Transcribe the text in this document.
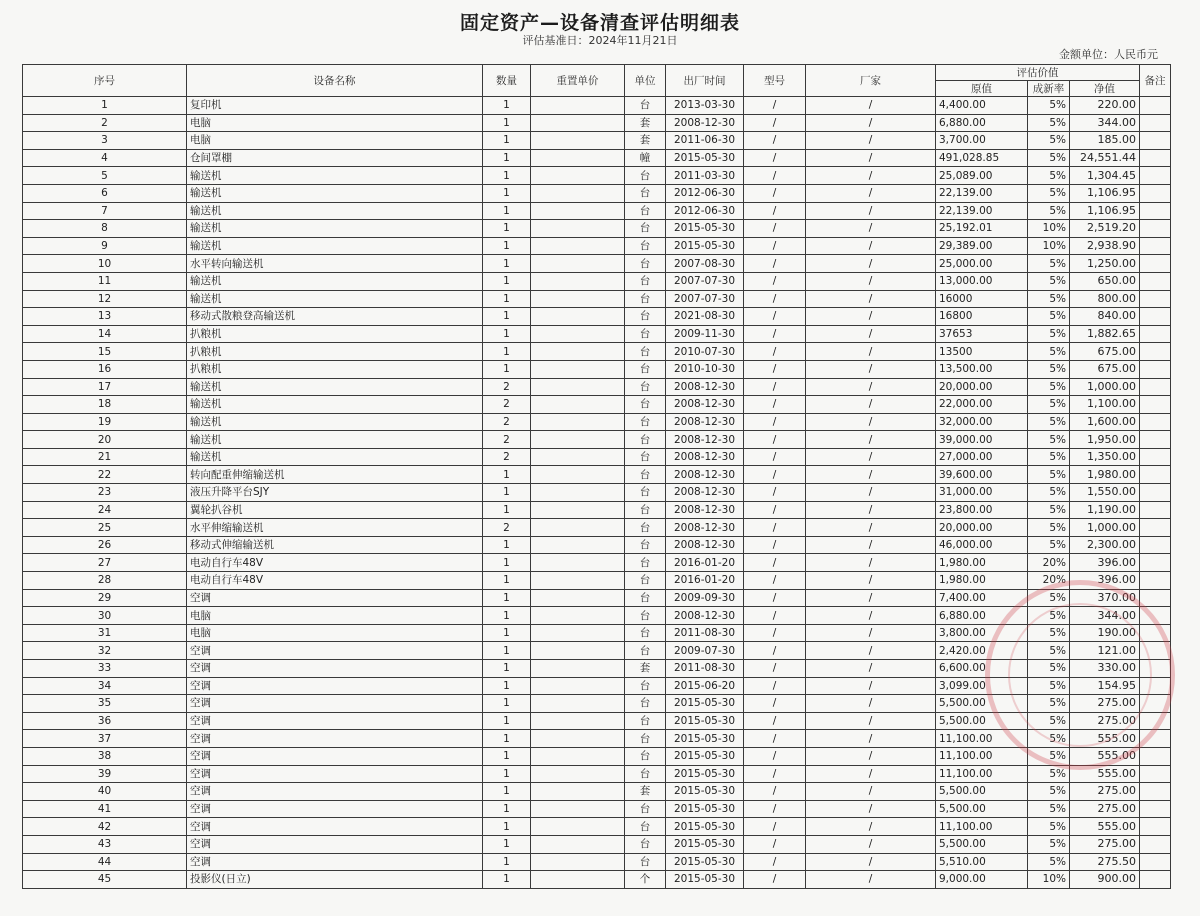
固定资产—设备清查评估明细表
评估基准日：2024年11月21日
金额单位：人民币元
序号	设备名称	数量	重置单价	单位	出厂时间	型号	厂家	评估价值			备注
								原值	成新率	净值	
1	复印机	1		台	2013-03-30	/	/	4,400.00	5%	220.00	
2	电脑	1		套	2008-12-30	/	/	6,880.00	5%	344.00	
3	电脑	1		套	2011-06-30	/	/	3,700.00	5%	185.00	
4	仓间罩棚	1		幢	2015-05-30	/	/	491,028.85	5%	24,551.44	
5	输送机	1		台	2011-03-30	/	/	25,089.00	5%	1,304.45	
6	输送机	1		台	2012-06-30	/	/	22,139.00	5%	1,106.95	
7	输送机	1		台	2012-06-30	/	/	22,139.00	5%	1,106.95	
8	输送机	1		台	2015-05-30	/	/	25,192.01	10%	2,519.20	
9	输送机	1		台	2015-05-30	/	/	29,389.00	10%	2,938.90	
10	水平转向输送机	1		台	2007-08-30	/	/	25,000.00	5%	1,250.00	
11	输送机	1		台	2007-07-30	/	/	13,000.00	5%	650.00	
12	输送机	1		台	2007-07-30	/	/	16000	5%	800.00	
13	移动式散粮登高输送机	1		台	2021-08-30	/	/	16800	5%	840.00	
14	扒粮机	1		台	2009-11-30	/	/	37653	5%	1,882.65	
15	扒粮机	1		台	2010-07-30	/	/	13500	5%	675.00	
16	扒粮机	1		台	2010-10-30	/	/	13,500.00	5%	675.00	
17	输送机	2		台	2008-12-30	/	/	20,000.00	5%	1,000.00	
18	输送机	2		台	2008-12-30	/	/	22,000.00	5%	1,100.00	
19	输送机	2		台	2008-12-30	/	/	32,000.00	5%	1,600.00	
20	输送机	2		台	2008-12-30	/	/	39,000.00	5%	1,950.00	
21	输送机	2		台	2008-12-30	/	/	27,000.00	5%	1,350.00	
22	转向配重伸缩输送机	1		台	2008-12-30	/	/	39,600.00	5%	1,980.00	
23	液压升降平台SJY	1		台	2008-12-30	/	/	31,000.00	5%	1,550.00	
24	翼轮扒谷机	1		台	2008-12-30	/	/	23,800.00	5%	1,190.00	
25	水平伸缩输送机	2		台	2008-12-30	/	/	20,000.00	5%	1,000.00	
26	移动式伸缩输送机	1		台	2008-12-30	/	/	46,000.00	5%	2,300.00	
27	电动自行车48V	1		台	2016-01-20	/	/	1,980.00	20%	396.00	
28	电动自行车48V	1		台	2016-01-20	/	/	1,980.00	20%	396.00	
29	空调	1		台	2009-09-30	/	/	7,400.00	5%	370.00	
30	电脑	1		台	2008-12-30	/	/	6,880.00	5%	344.00	
31	电脑	1		台	2011-08-30	/	/	3,800.00	5%	190.00	
32	空调	1		台	2009-07-30	/	/	2,420.00	5%	121.00	
33	空调	1		套	2011-08-30	/	/	6,600.00	5%	330.00	
34	空调	1		台	2015-06-20	/	/	3,099.00	5%	154.95	
35	空调	1		台	2015-05-30	/	/	5,500.00	5%	275.00	
36	空调	1		台	2015-05-30	/	/	5,500.00	5%	275.00	
37	空调	1		台	2015-05-30	/	/	11,100.00	5%	555.00	
38	空调	1		台	2015-05-30	/	/	11,100.00	5%	555.00	
39	空调	1		台	2015-05-30	/	/	11,100.00	5%	555.00	
40	空调	1		套	2015-05-30	/	/	5,500.00	5%	275.00	
41	空调	1		台	2015-05-30	/	/	5,500.00	5%	275.00	
42	空调	1		台	2015-05-30	/	/	11,100.00	5%	555.00	
43	空调	1		台	2015-05-30	/	/	5,500.00	5%	275.00	
44	空调	1		台	2015-05-30	/	/	5,510.00	5%	275.50	
45	投影仪(日立)	1		个	2015-05-30	/	/	9,000.00	10%	900.00	
